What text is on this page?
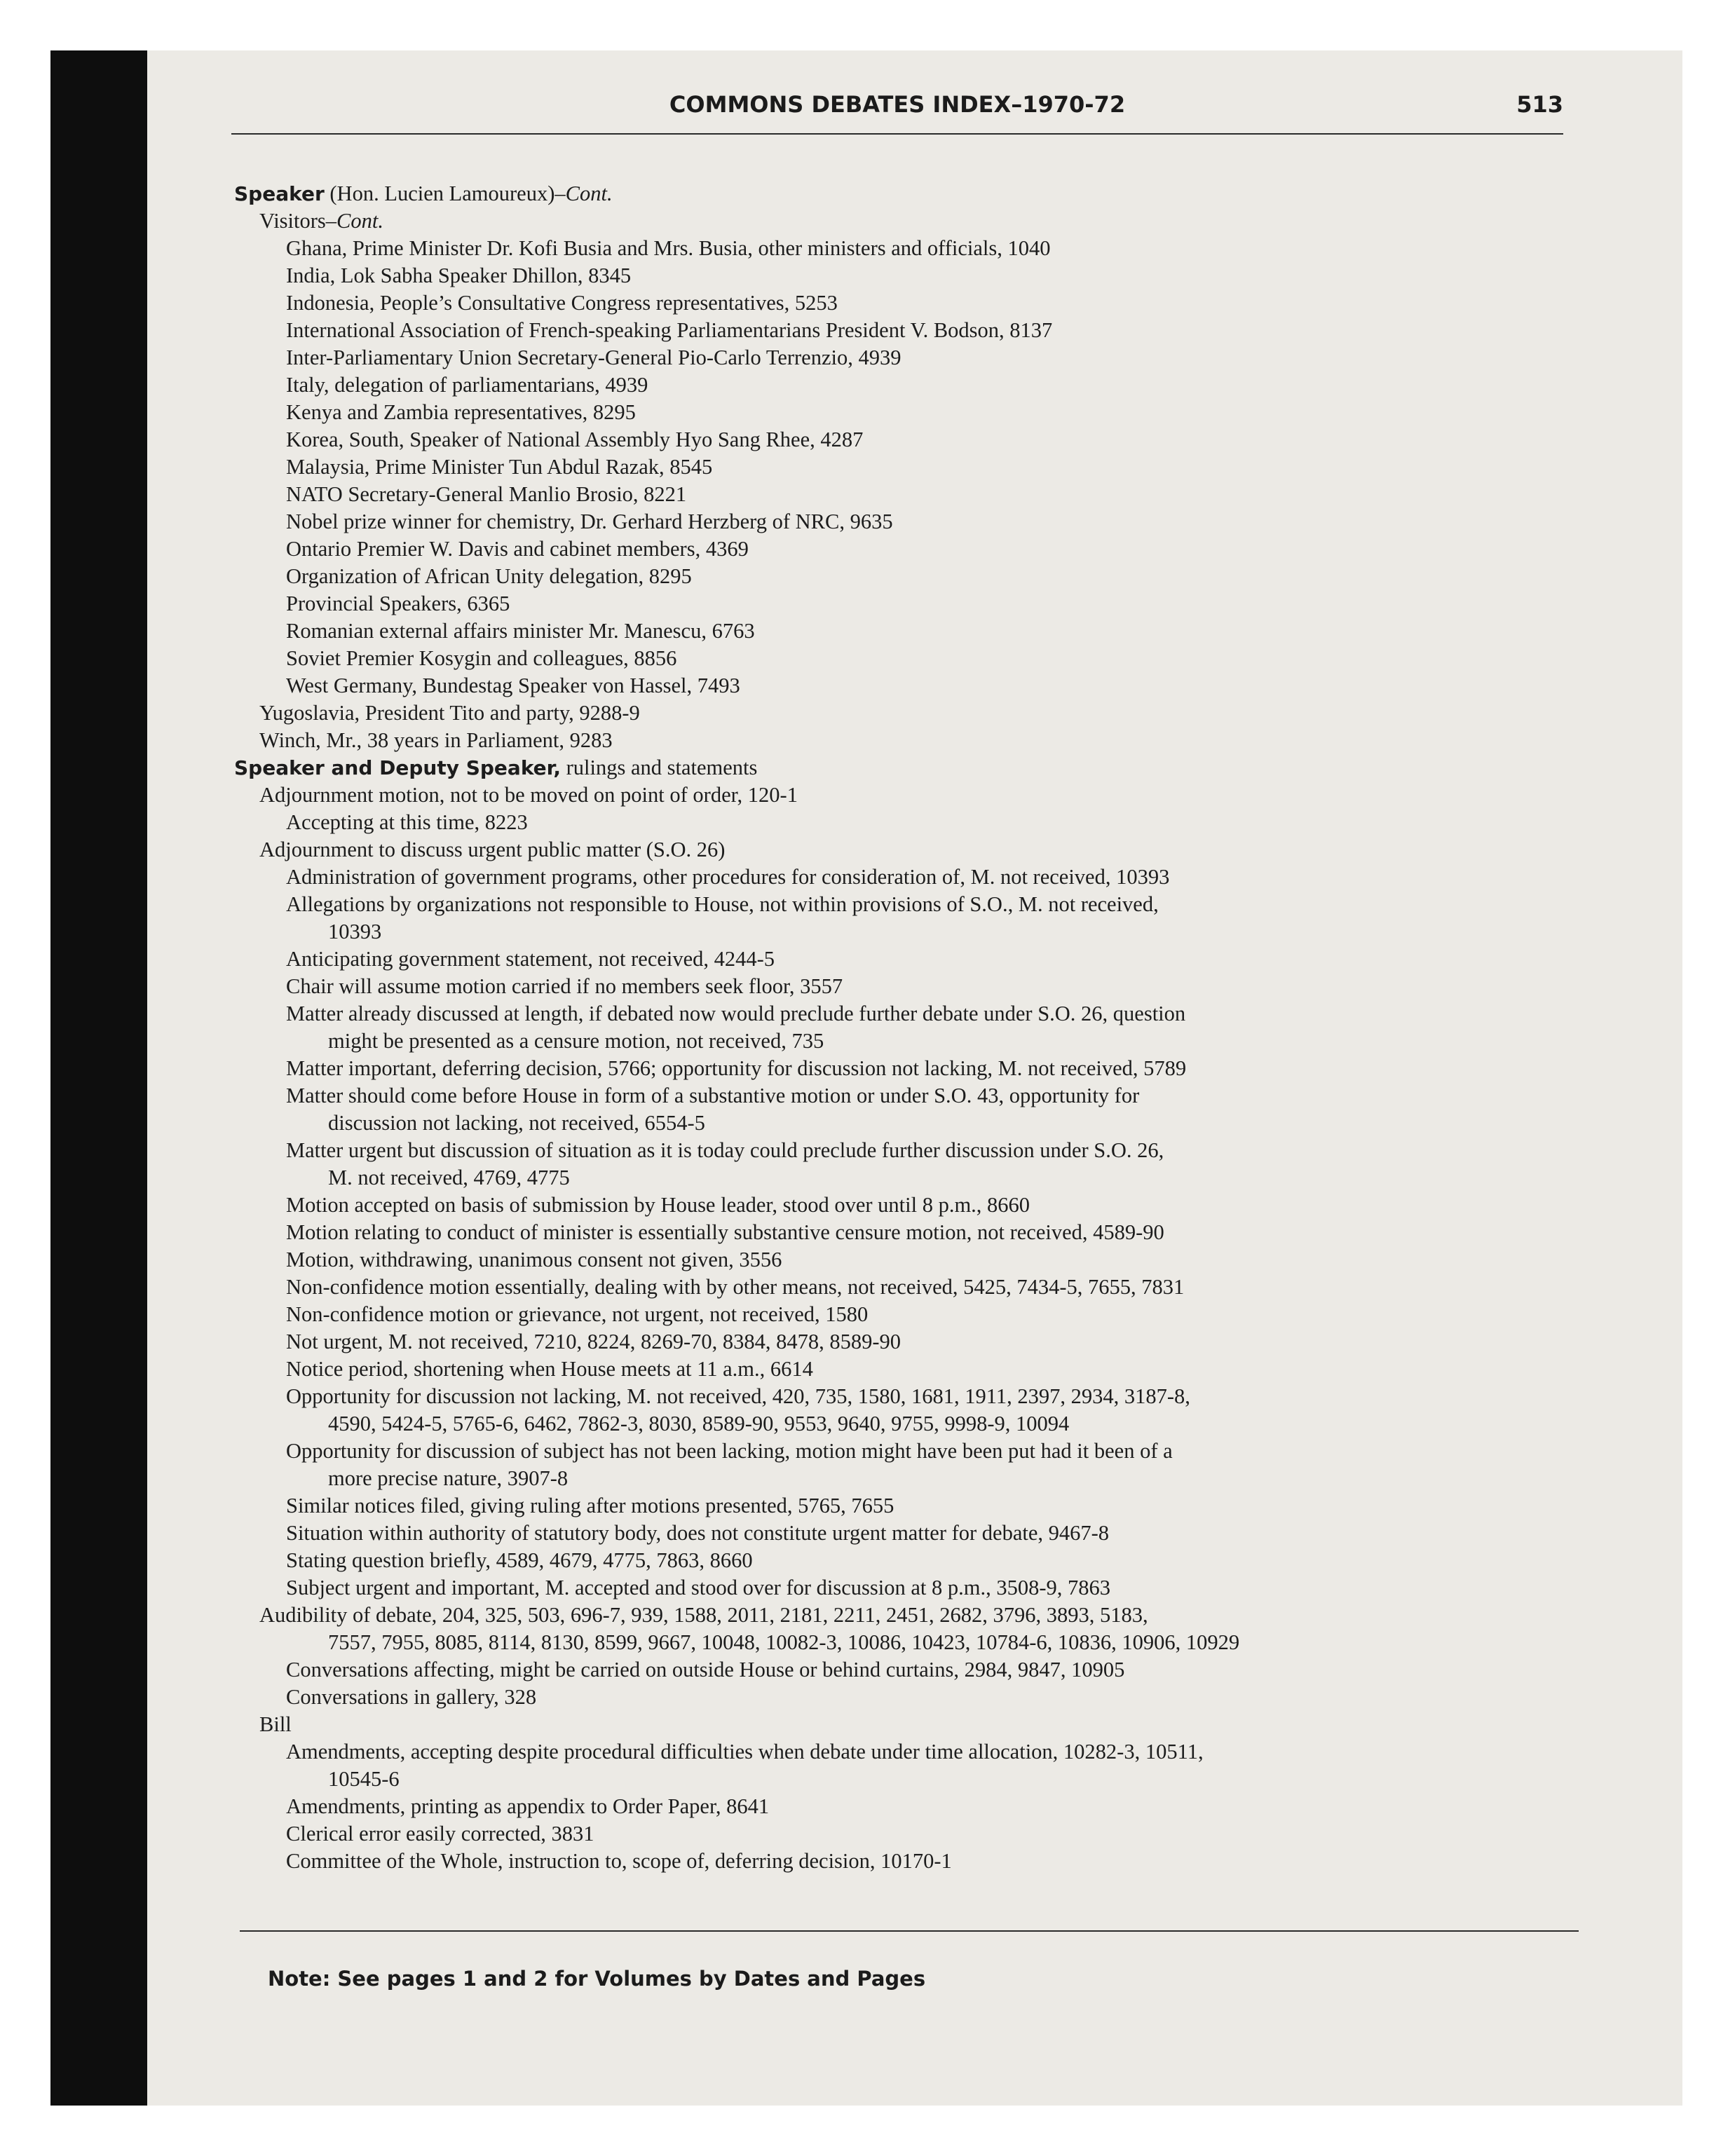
COMMONS DEBATES INDEX–1970-72	513
Speaker (Hon. Lucien Lamoureux)–Cont.
Visitors–Cont.
Ghana, Prime Minister Dr. Kofi Busia and Mrs. Busia, other ministers and officials, 1040
India, Lok Sabha Speaker Dhillon, 8345
Indonesia, People’s Consultative Congress representatives, 5253
International Association of French-speaking Parliamentarians President V. Bodson, 8137
Inter-Parliamentary Union Secretary-General Pio-Carlo Terrenzio, 4939
Italy, delegation of parliamentarians, 4939
Kenya and Zambia representatives, 8295
Korea, South, Speaker of National Assembly Hyo Sang Rhee, 4287
Malaysia, Prime Minister Tun Abdul Razak, 8545
NATO Secretary-General Manlio Brosio, 8221
Nobel prize winner for chemistry, Dr. Gerhard Herzberg of NRC, 9635
Ontario Premier W. Davis and cabinet members, 4369
Organization of African Unity delegation, 8295
Provincial Speakers, 6365
Romanian external affairs minister Mr. Manescu, 6763
Soviet Premier Kosygin and colleagues, 8856
West Germany, Bundestag Speaker von Hassel, 7493
Yugoslavia, President Tito and party, 9288-9
Winch, Mr., 38 years in Parliament, 9283
Speaker and Deputy Speaker, rulings and statements
Adjournment motion, not to be moved on point of order, 120-1
Accepting at this time, 8223
Adjournment to discuss urgent public matter (S.O. 26)
Administration of government programs, other procedures for consideration of, M. not received, 10393
Allegations by organizations not responsible to House, not within provisions of S.O., M. not received,
10393
Anticipating government statement, not received, 4244-5
Chair will assume motion carried if no members seek floor, 3557
Matter already discussed at length, if debated now would preclude further debate under S.O. 26, question
might be presented as a censure motion, not received, 735
Matter important, deferring decision, 5766; opportunity for discussion not lacking, M. not received, 5789
Matter should come before House in form of a substantive motion or under S.O. 43, opportunity for
discussion not lacking, not received, 6554-5
Matter urgent but discussion of situation as it is today could preclude further discussion under S.O. 26,
M. not received, 4769, 4775
Motion accepted on basis of submission by House leader, stood over until 8 p.m., 8660
Motion relating to conduct of minister is essentially substantive censure motion, not received, 4589-90
Motion, withdrawing, unanimous consent not given, 3556
Non-confidence motion essentially, dealing with by other means, not received, 5425, 7434-5, 7655, 7831
Non-confidence motion or grievance, not urgent, not received, 1580
Not urgent, M. not received, 7210, 8224, 8269-70, 8384, 8478, 8589-90
Notice period, shortening when House meets at 11 a.m., 6614
Opportunity for discussion not lacking, M. not received, 420, 735, 1580, 1681, 1911, 2397, 2934, 3187-8,
4590, 5424-5, 5765-6, 6462, 7862-3, 8030, 8589-90, 9553, 9640, 9755, 9998-9, 10094
Opportunity for discussion of subject has not been lacking, motion might have been put had it been of a
more precise nature, 3907-8
Similar notices filed, giving ruling after motions presented, 5765, 7655
Situation within authority of statutory body, does not constitute urgent matter for debate, 9467-8
Stating question briefly, 4589, 4679, 4775, 7863, 8660
Subject urgent and important, M. accepted and stood over for discussion at 8 p.m., 3508-9, 7863
Audibility of debate, 204, 325, 503, 696-7, 939, 1588, 2011, 2181, 2211, 2451, 2682, 3796, 3893, 5183,
7557, 7955, 8085, 8114, 8130, 8599, 9667, 10048, 10082-3, 10086, 10423, 10784-6, 10836, 10906, 10929
Conversations affecting, might be carried on outside House or behind curtains, 2984, 9847, 10905
Conversations in gallery, 328
Bill
Amendments, accepting despite procedural difficulties when debate under time allocation, 10282-3, 10511,
10545-6
Amendments, printing as appendix to Order Paper, 8641
Clerical error easily corrected, 3831
Committee of the Whole, instruction to, scope of, deferring decision, 10170-1
Note: See pages 1 and 2 for Volumes by Dates and Pages
